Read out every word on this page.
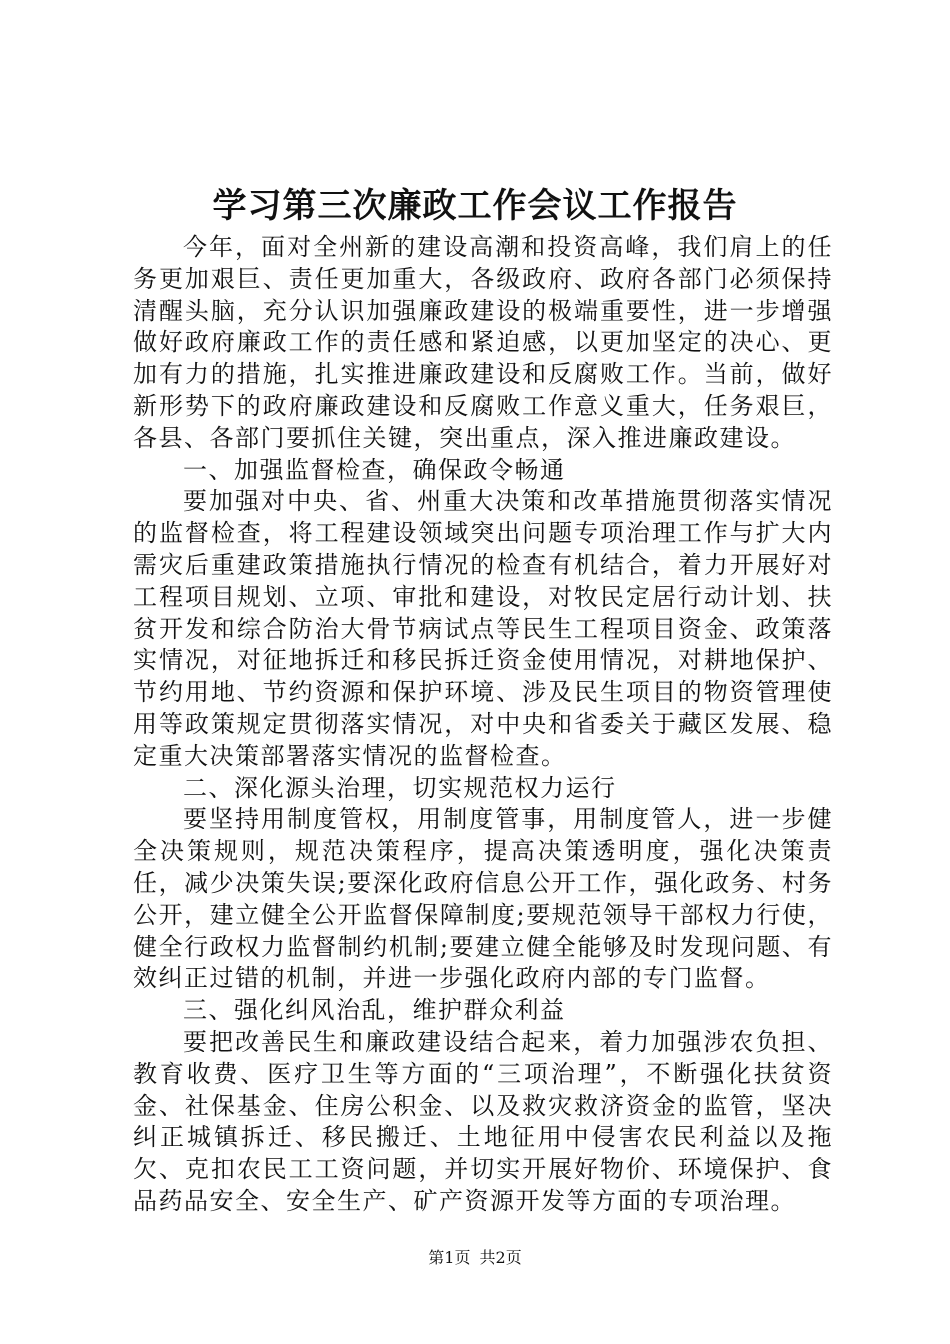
学习第三次廉政工作会议工作报告

今年，面对全州新的建设高潮和投资高峰，我们肩上的任务更加艰巨、责任更加重大，各级政府、政府各部门必须保持清醒头脑，充分认识加强廉政建设的极端重要性，进一步增强做好政府廉政工作的责任感和紧迫感，以更加坚定的决心、更加有力的措施，扎实推进廉政建设和反腐败工作。当前，做好新形势下的政府廉政建设和反腐败工作意义重大，任务艰巨，各县、各部门要抓住关键，突出重点，深入推进廉政建设。

一、加强监督检查，确保政令畅通

要加强对中央、省、州重大决策和改革措施贯彻落实情况的监督检查，将工程建设领域突出问题专项治理工作与扩大内需灾后重建政策措施执行情况的检查有机结合，着力开展好对工程项目规划、立项、审批和建设，对牧民定居行动计划、扶贫开发和综合防治大骨节病试点等民生工程项目资金、政策落实情况，对征地拆迁和移民拆迁资金使用情况，对耕地保护、节约用地、节约资源和保护环境、涉及民生项目的物资管理使用等政策规定贯彻落实情况，对中央和省委关于藏区发展、稳定重大决策部署落实情况的监督检查。

二、深化源头治理，切实规范权力运行

要坚持用制度管权，用制度管事，用制度管人，进一步健全决策规则，规范决策程序，提高决策透明度，强化决策责任，减少决策失误;要深化政府信息公开工作，强化政务、村务公开，建立健全公开监督保障制度;要规范领导干部权力行使，健全行政权力监督制约机制;要建立健全能够及时发现问题、有效纠正过错的机制，并进一步强化政府内部的专门监督。

三、强化纠风治乱，维护群众利益

要把改善民生和廉政建设结合起来，着力加强涉农负担、教育收费、医疗卫生等方面的“三项治理”，不断强化扶贫资金、社保基金、住房公积金、以及救灾救济资金的监管，坚决纠正城镇拆迁、移民搬迁、土地征用中侵害农民利益以及拖欠、克扣农民工工资问题，并切实开展好物价、环境保护、食品药品安全、安全生产、矿产资源开发等方面的专项治理。

第1页 共2页
